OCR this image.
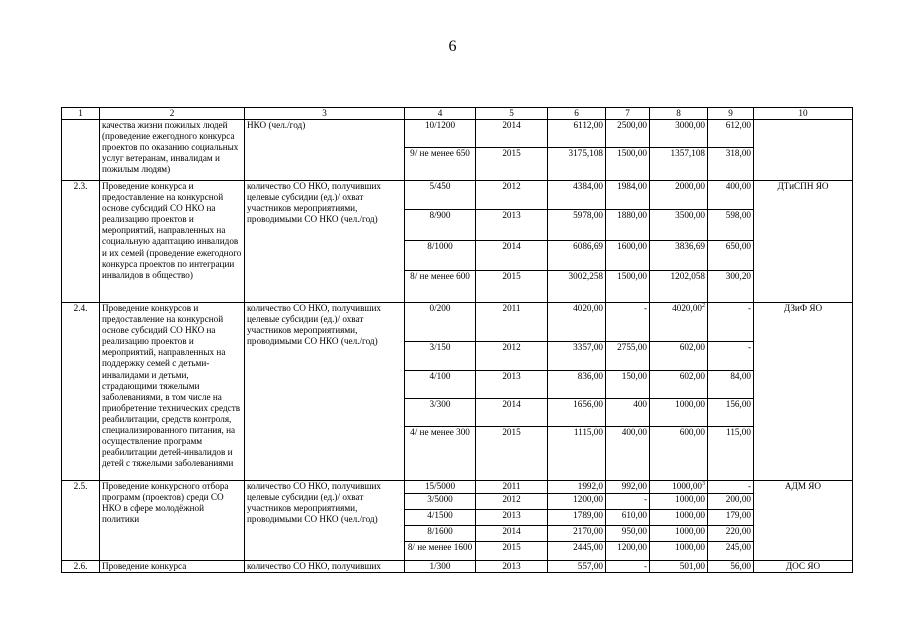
6
1	2	3	4	5	6	7	8	9	10
	качества жизни пожилых людей (проведение ежегодного конкурса проектов по оказанию социальных услуг ветеранам, инвалидам и пожилым людям)	НКО (чел./год)	10/1200	2014	6112,00	2500,00	3000,00	612,00	
			9/ не менее 650	2015	3175,108	1500,00	1357,108	318,00	
2.3.	Проведение конкурса и предоставление на конкурсной основе субсидий СО НКО на реализацию проектов и мероприятий, направленных на социальную адаптацию инвалидов и их семей (проведение ежегодного конкурса проектов по интеграции инвалидов в общество)	количество СО НКО, получивших целевые субсидии (ед.)/ охват участников мероприятиями, проводимыми СО НКО (чел./год)	5/450	2012	4384,00	1984,00	2000,00	400,00	ДТиСПН ЯО
			8/900	2013	5978,00	1880,00	3500,00	598,00	
			8/1000	2014	6086,69	1600,00	3836,69	650,00	
			8/ не менее 600	2015	3002,258	1500,00	1202,058	300,20	
2.4.	Проведение конкурсов и предоставление на конкурсной основе субсидий СО НКО на реализацию проектов и мероприятий, направленных на поддержку семей с детьми-инвалидами и детьми, страдающими тяжелыми заболеваниями, в том числе на приобретение технических средств реабилитации, средств контроля, специализированного питания, на осуществление программ реабилитации детей-инвалидов и детей с тяжелыми заболеваниями	количество СО НКО, получивших целевые субсидии (ед.)/ охват участников мероприятиями, проводимыми СО НКО (чел./год)	0/200	2011	4020,00	-	4020,00$^2$	-	ДЗиФ ЯО
			3/150	2012	3357,00	2755,00	602,00	-	
			4/100	2013	836,00	150,00	602,00	84,00	
			3/300	2014	1656,00	400	1000,00	156,00	
			4/ не менее 300	2015	1115,00	400,00	600,00	115,00	
2.5.	Проведение конкурсного отбора программ (проектов) среди СО НКО в сфере молодёжной политики	количество СО НКО, получивших целевые субсидии (ед.)/ охват участников мероприятиями, проводимыми СО НКО (чел./год)	15/5000	2011	1992,0	992,00	1000,00$^3$	-	АДМ ЯО
			3/5000	2012	1200,00	-	1000,00	200,00	
			4/1500	2013	1789,00	610,00	1000,00	179,00	
			8/1600	2014	2170,00	950,00	1000,00	220,00	
			8/ не менее 1600	2015	2445,00	1200,00	1000,00	245,00	
2.6.	Проведение конкурса	количество СО НКО, получивших	1/300	2013	557,00	-	501,00	56,00	ДОС ЯО
